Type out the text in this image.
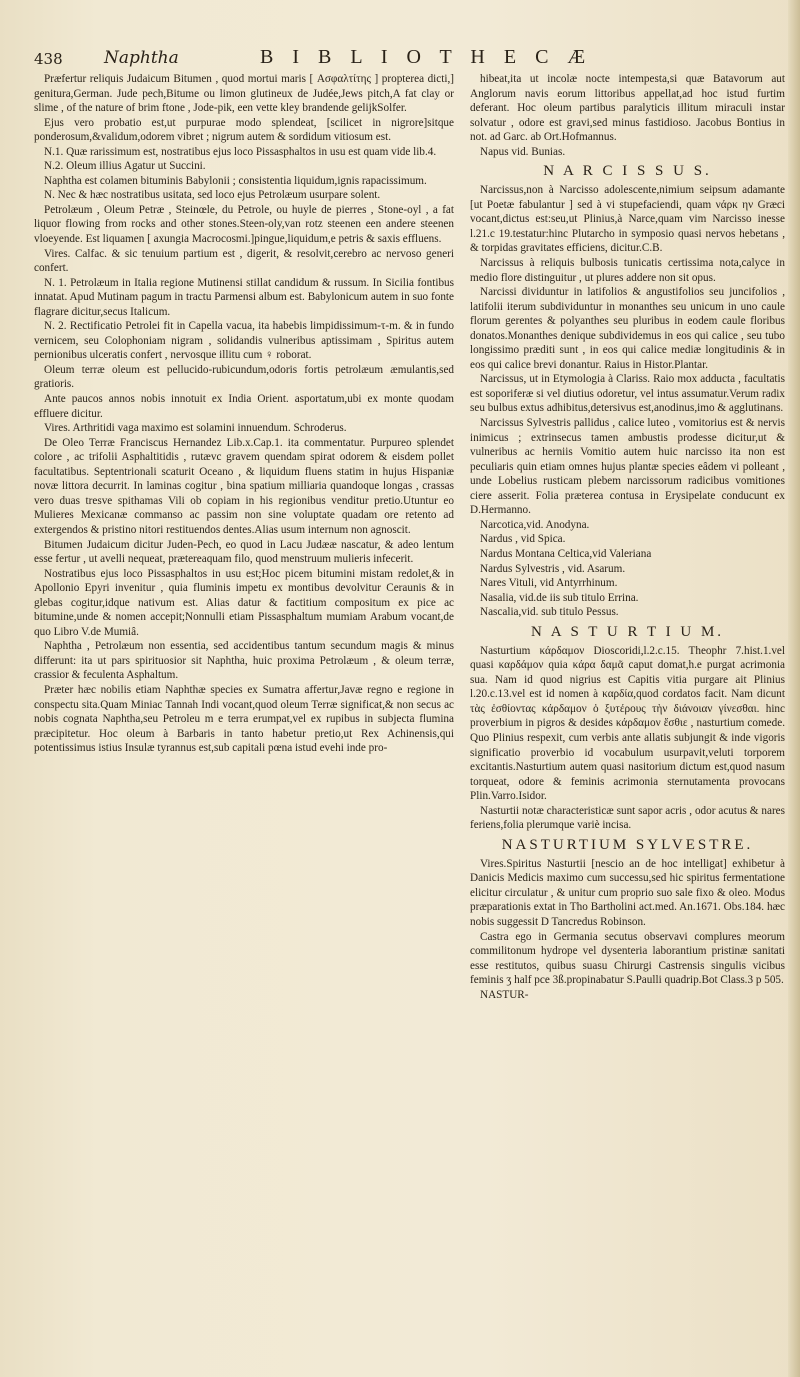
438 Naphtha	B I B L I O T H E C Æ

Præfertur reliquis Judaicum Bitumen , quod mortui maris [ Ασφαλτίτης ] propterea dicti,] genitura,German. Jude pech,Bitume ou limon glutineux de Judée,Jews pitch,A fat clay or slime , of the nature of brim ftone , Jode-pik, een vette kley brandende gelijkSolfer.

Ejus vero probatio est,ut purpurae modo splendeat, [scilicet in nigrore]sitque ponderosum,&validum,odorem vibret ; nigrum autem & sordidum vitiosum est.

N.1. Quæ rarissimum est, nostratibus ejus loco Pissasphaltos in usu est quam vide lib.4.

N.2. Oleum illius Agatur ut Succini.

Naphtha est colamen bituminis Babylonii ; consistentia liquidum,ignis rapacissimum.

N. Nec & hæc nostratibus usitata, sed loco ejus Petrolæum usurpare solent.

Petrolæum , Oleum Petræ , Steinœle, du Petrole, ou huyle de pierres , Stone-oyl , a fat liquor flowing from rocks and other stones.Steen-oly,van rotz steenen een andere steenen vloeyende. Est liquamen [ axungia Macrocosmi.]pingue,liquidum,e petris & saxis effluens.

Vires. Calfac. & sic tenuium partium est , digerit, & resolvit,cerebro ac nervoso generi confert.

N. 1. Petrolæum in Italia regione Mutinensi stillat candidum & russum. In Sicilia fontibus innatat. Apud Mutinam pagum in tractu Parmensi album est. Babylonicum autem in suo fonte flagrare dicitur,secus Italicum.

N. 2. Rectificatio Petrolei fit in Capella vacua, ita habebis limpidissimum-τ-m. & in fundo vernicem, seu Colophoniam nigram , solidandis vulneribus aptissimam , Spiritus autem pernionibus ulceratis confert , nervosque illitu cum ♀ roborat.

Oleum terræ oleum est pellucido-rubicundum,odoris fortis petrolæum æmulantis,sed gratioris.

Ante paucos annos nobis innotuit ex India Orient. asportatum,ubi ex monte quodam effluere dicitur.

Vires. Arthritidi vaga maximo est solamini innuendum. Schroderus.

De Oleo Terræ Franciscus Hernandez Lib.x.Cap.1. ita commentatur. Purpureo splendet colore , ac trifolii Asphaltitidis , rutævc gravem quendam spirat odorem & eisdem pollet facultatibus. Septentrionali scaturit Oceano , & liquidum fluens statim in hujus Hispaniæ novæ littora decurrit. In laminas cogitur , bina spatium milliaria quandoque longas , crassas vero duas tresve spithamas Vili ob copiam in his regionibus venditur pretio.Utuntur eo Mulieres Mexicanæ commanso ac passim non sine voluptate quadam ore retento ad extergendos & pristino nitori restituendos dentes.Alias usum internum non agnoscit.

Bitumen Judaicum dicitur Juden-Pech, eo quod in Lacu Judææ nascatur, & adeo lentum esse fertur , ut avelli nequeat, prætereaquam filo, quod menstruum mulieris infecerit.

Nostratibus ejus loco Pissasphaltos in usu est;Hoc picem bitumini mistam redolet,& in Apollonio Epyri invenitur , quia fluminis impetu ex montibus devolvitur Ceraunis & in glebas cogitur,idque nativum est. Alias datur & factitium compositum ex pice ac bitumine,unde & nomen accepit;Nonnulli etiam Pissasphaltum mumiam Arabum vocant,de quo Libro V.de Mumiâ.

Naphtha , Petrolæum non essentia, sed accidentibus tantum secundum magis & minus differunt: ita ut pars spirituosior sit Naphtha, huic proxima Petrolæum , & oleum terræ, crassior & feculenta Asphaltum.

Præter hæc nobilis etiam Naphthæ species ex Sumatra affertur,Javæ regno e regione in conspectu sita.Quam Miniac Tannah Indi vocant,quod oleum Terræ significat,& non secus ac nobis cognata Naphtha,seu Petroleu m e terra erumpat,vel ex rupibus in subjecta flumina præcipitetur. Hoc oleum à Barbaris in tanto habetur pretio,ut Rex Achinensis,qui potentissimus istius Insulæ tyrannus est,sub capitali pœna istud evehi inde pro-

hibeat,ita ut incolæ nocte intempesta,si quæ Batavorum aut Anglorum navis eorum littoribus appellat,ad hoc istud furtim deferant. Hoc oleum partibus paralyticis illitum miraculi instar solvatur , odore est gravi,sed minus fastidioso. Jacobus Bontius in not. ad Garc. ab Ort.Hofmannus.

Napus vid. Bunias.

N A R C I S S U S.

Narcissus,non à Narcisso adolescente,nimium seipsum adamante [ut Poetæ fabulantur ] sed à vi stupefaciendi, quam νάρκ ην Græci vocant,dictus est:seu,ut Plinius,à Narce,quam vim Narcisso inesse l.21.c 19.testatur:hinc Plutarcho in symposio quasi nervos hebetans , & torpidas gravitates efficiens, dicitur.C.B.

Narcissus à reliquis bulbosis tunicatis certissima nota,calyce in medio flore distinguitur , ut plures addere non sit opus.

Narcissi dividuntur in latifolios & angustifolios seu juncifolios , latifolii iterum subdividuntur in monanthes seu unicum in uno caule florum gerentes & polyanthes seu pluribus in eodem caule floribus donatos.Monanthes denique subdividemus in eos qui calice , seu tubo longissimo præditi sunt , in eos qui calice mediæ longitudinis & in eos qui calice brevi donantur. Raius in Histor.Plantar.

Narcissus, ut in Etymologia à Clariss. Raio mox adducta , facultatis est soporiferæ si vel diutius odoretur, vel intus assumatur.Verum radix seu bulbus extus adhibitus,detersivus est,anodinus,imo & agglutinans.

Narcissus Sylvestris pallidus , calice luteo , vomitorius est & nervis inimicus ; extrinsecus tamen ambustis prodesse dicitur,ut & vulneribus ac herniis Vomitio autem huic narcisso ita non est peculiaris quin etiam omnes hujus plantæ species eâdem vi polleant , unde Lobelius rusticam plebem narcissorum radicibus vomitiones ciere asserit. Folia præterea contusa in Erysipelate conducunt ex D.Hermanno.

Narcotica,vid. Anodyna.

Nardus , vid Spica.

Nardus Montana Celtica,vid Valeriana

Nardus Sylvestris , vid. Asarum.

Nares Vituli, vid Antyrrhinum.

Nasalia, vid.de iis sub titulo Errina.

Nascalia,vid. sub titulo Pessus.

N A S T U R T I U M.

Nasturtium κάρδαμον Dioscoridi,l.2.c.15. Theophr 7.hist.1.vel quasi καρδάμον quia κάρα δαμᾶ caput domat,h.e purgat acrimonia sua. Nam id quod nigrius est Capitis vitia purgare ait Plinius l.20.c.13.vel est id nomen à καρδία,quod cordatos facit. Nam dicunt τὰς ἐσθίοντας κάρδαμον ὁ ξυτέρους τὴν διάνοιαν γίνεσθαι. hinc proverbium in pigros & desides κάρδαμον ἔσθιε , nasturtium comede. Quo Plinius respexit, cum verbis ante allatis subjungit & inde vigoris significatio proverbio id vocabulum usurpavit,veluti torporem excitantis.Nasturtium autem quasi nasitorium dictum est,quod nasum torqueat, odore & feminis acrimonia sternutamenta provocans Plin.Varro.Isidor.

Nasturtii notæ characteristicæ sunt sapor acris , odor acutus & nares feriens,folia plerumque variè incisa.

NASTURTIUM SYLVESTRE.

Vires.Spiritus Nasturtii [nescio an de hoc intelligat] exhibetur à Danicis Medicis maximo cum successu,sed hic spiritus fermentatione elicitur circulatur , & unitur cum proprio suo sale fixo & oleo. Modus præparationis extat in Tho Bartholini act.med. An.1671. Obs.184. hæc nobis suggessit D Tancredus Robinson.

Castra ego in Germania secutus observavi complures meorum commilitonum hydrope vel dysenteria laborantium pristinæ sanitati esse restitutos, quibus suasu Chirurgi Castrensis singulis vicibus feminis ʒ half pce 3ß.propinabatur S.Paulli quadrip.Bot Class.3 p 505.

NASTUR-
